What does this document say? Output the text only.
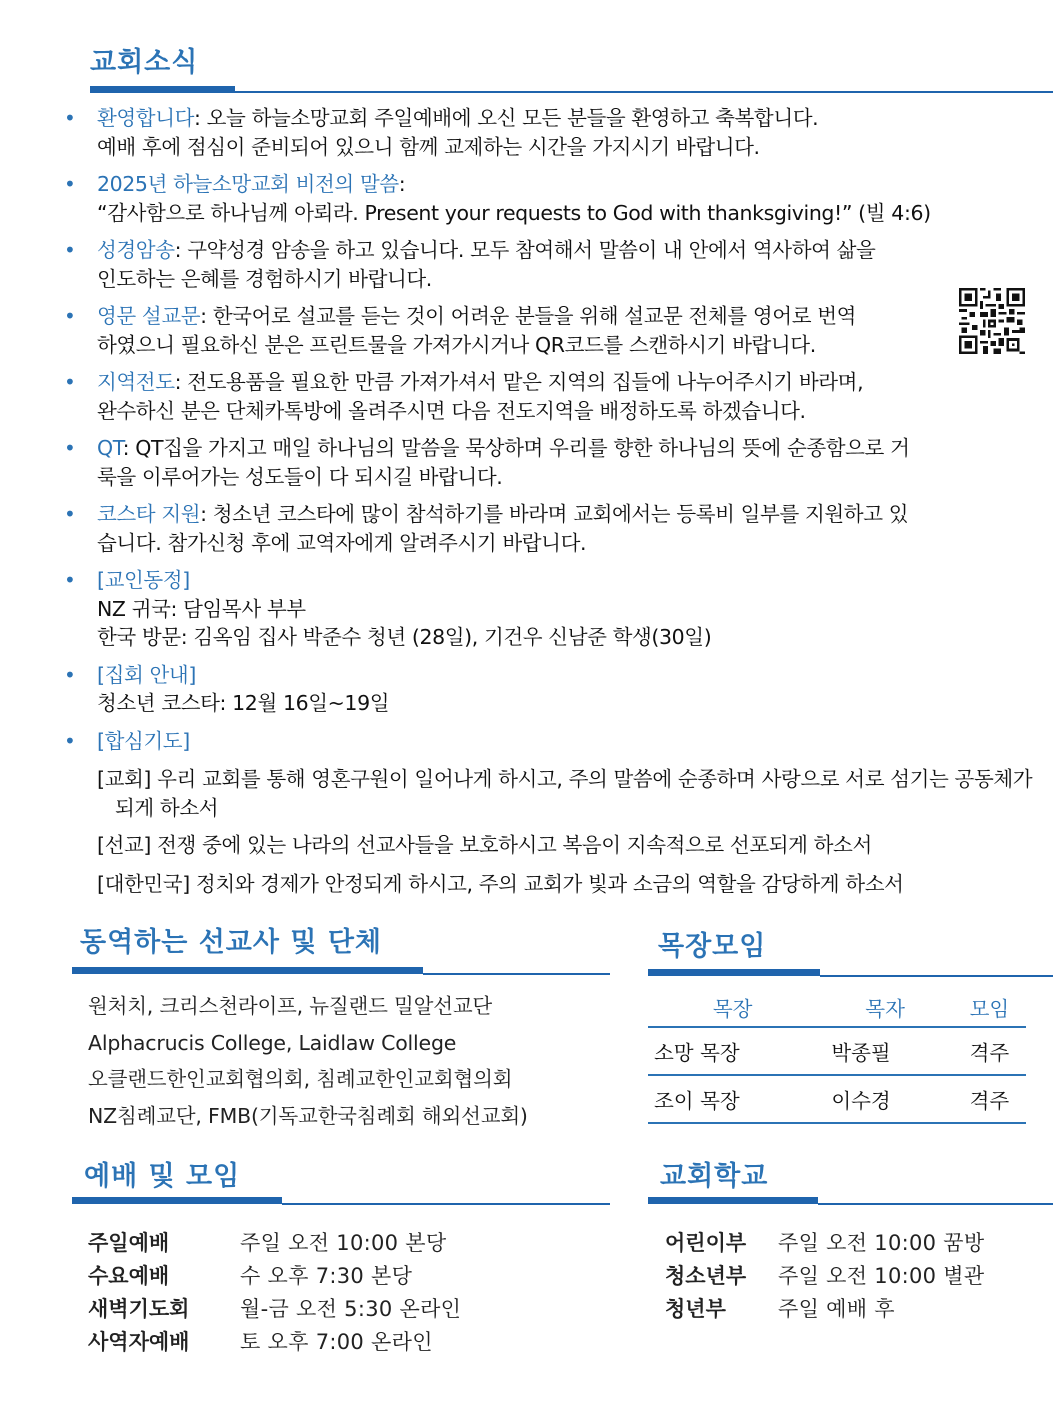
교회소식
• 환영합니다: 오늘 하늘소망교회 주일예배에 오신 모든 분들을 환영하고 축복합니다.
예배 후에 점심이 준비되어 있으니 함께 교제하는 시간을 가지시기 바랍니다.
• 2025년 하늘소망교회 비전의 말씀:
“감사함으로 하나님께 아뢰라. Present your requests to God with thanksgiving!” (빌 4:6)
• 성경암송: 구약성경 암송을 하고 있습니다. 모두 참여해서 말씀이 내 안에서 역사하여 삶을
인도하는 은혜를 경험하시기 바랍니다.
• 영문 설교문: 한국어로 설교를 듣는 것이 어려운 분들을 위해 설교문 전체를 영어로 번역
하였으니 필요하신 분은 프린트물을 가져가시거나 QR코드를 스캔하시기 바랍니다.
• 지역전도: 전도용품을 필요한 만큼 가져가셔서 맡은 지역의 집들에 나누어주시기 바라며,
완수하신 분은 단체카톡방에 올려주시면 다음 전도지역을 배정하도록 하겠습니다.
• QT: QT집을 가지고 매일 하나님의 말씀을 묵상하며 우리를 향한 하나님의 뜻에 순종함으로 거
룩을 이루어가는 성도들이 다 되시길 바랍니다.
• 코스타 지원: 청소년 코스타에 많이 참석하기를 바라며 교회에서는 등록비 일부를 지원하고 있
습니다. 참가신청 후에 교역자에게 알려주시기 바랍니다.
• [교인동정]
NZ 귀국: 담임목사 부부
한국 방문: 김옥임 집사 박준수 청년 (28일), 기건우 신남준 학생(30일)
• [집회 안내]
청소년 코스타: 12월 16일~19일
• [합심기도]
[교회] 우리 교회를 통해 영혼구원이 일어나게 하시고, 주의 말씀에 순종하며 사랑으로 서로 섬기는 공동체가 되게 하소서
[선교] 전쟁 중에 있는 나라의 선교사들을 보호하시고 복음이 지속적으로 선포되게 하소서
[대한민국] 정치와 경제가 안정되게 하시고, 주의 교회가 빛과 소금의 역할을 감당하게 하소서
동역하는 선교사 및 단체
원처치, 크리스천라이프, 뉴질랜드 밀알선교단
Alphacrucis College, Laidlaw College
오클랜드한인교회협의회, 침례교한인교회협의회
NZ침례교단, FMB(기독교한국침례회 해외선교회)
목장모임
목장	목자	모임
소망 목장	박종필	격주
조이 목장	이수경	격주
예배 및 모임
주일예배	주일 오전 10:00 본당
수요예배	수 오후 7:30 본당
새벽기도회	월-금 오전 5:30 온라인
사역자예배	토 오후 7:00 온라인
교회학교
어린이부	주일 오전 10:00 꿈방
청소년부	주일 오전 10:00 별관
청년부	주일 예배 후
